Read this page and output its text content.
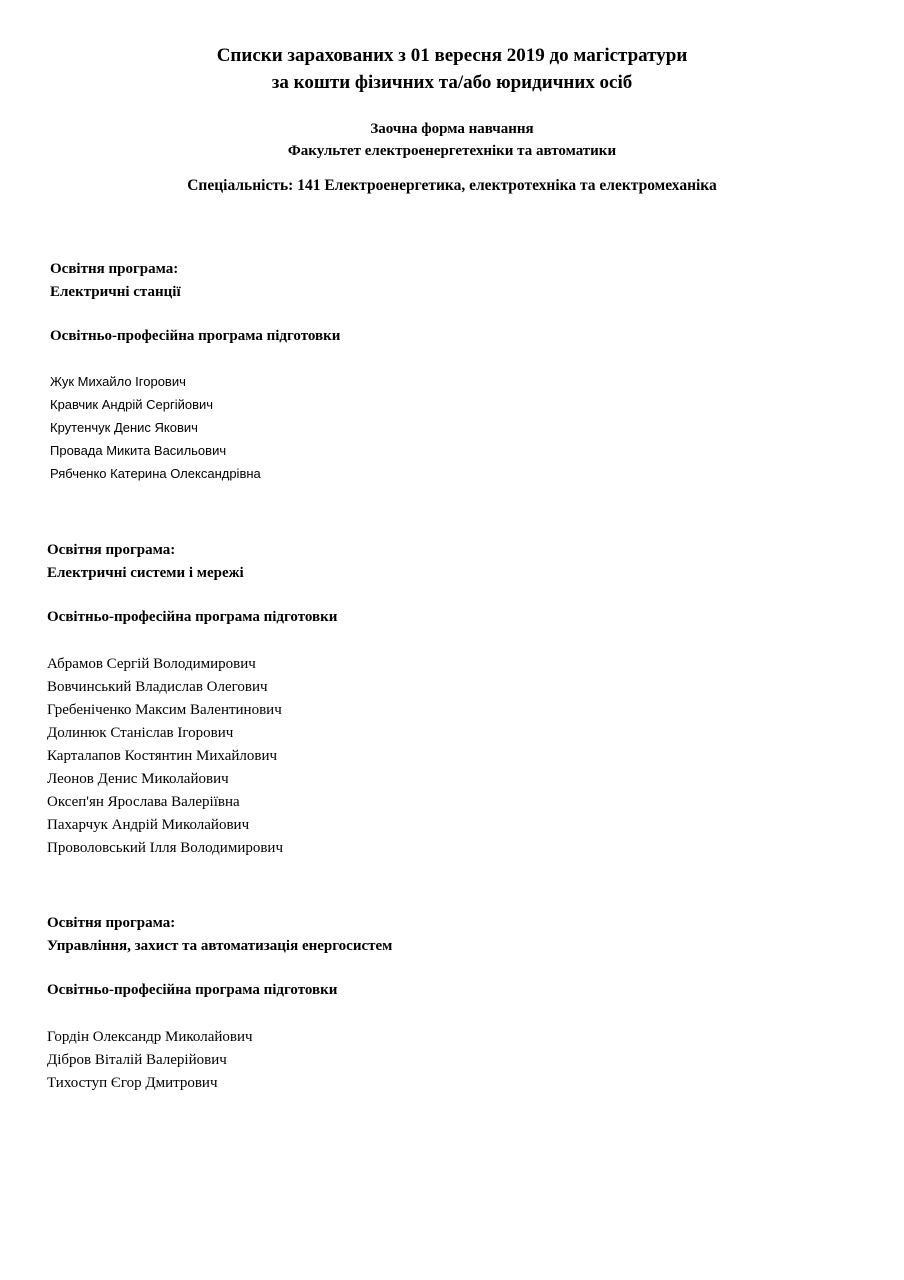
Списки зарахованих з 01 вересня 2019 до магістратури
за кошти фізичних та/або юридичних осіб
Заочна форма навчання
Факультет електроенергетехніки та автоматики
Спеціальність: 141 Електроенергетика, електротехніка та електромеханіка
Освітня програма:
Електричні станції
Освітньо-професійна програма підготовки
Жук Михайло Ігорович
Кравчик Андрій Сергійович
Крутенчук Денис Якович
Провада Микита Васильович
Рябченко Катерина Олександрівна
Освітня програма:
Електричні системи і мережі
Освітньо-професійна програма підготовки
Абрамов Сергій Володимирович
Вовчинський Владислав Олегович
Гребеніченко Максим Валентинович
Долинюк Станіслав Ігорович
Карталапов Костянтин Михайлович
Леонов Денис Миколайович
Оксеп'ян Ярослава Валеріївна
Пахарчук Андрій Миколайович
Проволовський Ілля Володимирович
Освітня програма:
Управління, захист та автоматизація енергосистем
Освітньо-професійна програма підготовки
Гордін Олександр Миколайович
Дібров Віталій Валерійович
Тихоступ Єгор Дмитрович
